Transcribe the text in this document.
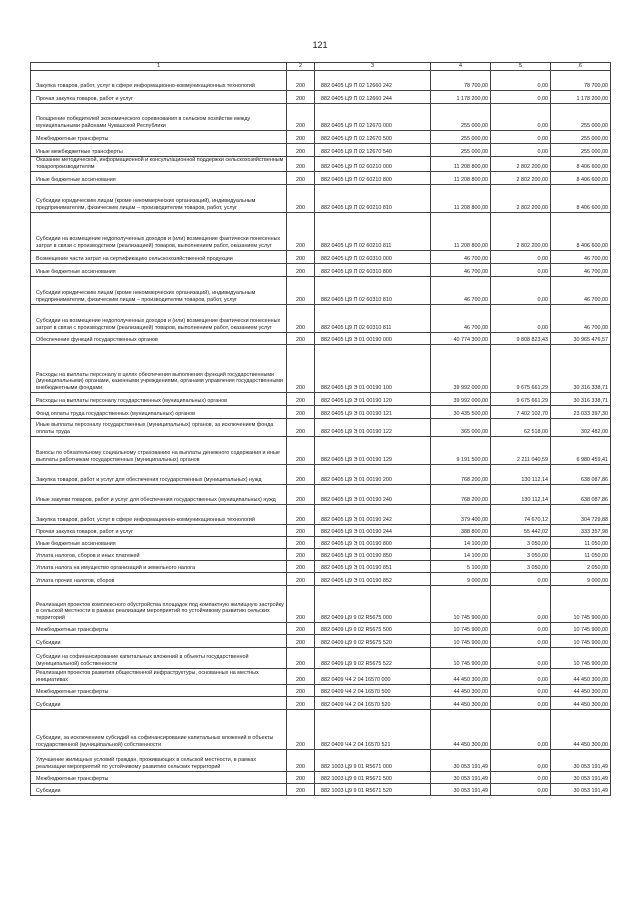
121
1	2	3	4	5	6
Закупка товаров, работ, услуг в сфере информационно-коммуникационных технологий	200	882 0405 Ц9 П 02 12660 242	78 700,00	0,00	78 700,00
Прочая закупка товаров, работ и услуг	200	882 0405 Ц9 П 02 12660 244	1 178 200,00	0,00	1 178 200,00
Поощрение победителей экономического соревнования в сельском хозяйстве между муниципальными районами Чувашской Республики	200	882 0405 Ц9 П 02 12670 000	255 000,00	0,00	255 000,00
Межбюджетные трансферты	200	882 0405 Ц9 П 02 12670 500	255 000,00	0,00	255 000,00
Иные межбюджетные трансферты	200	882 0405 Ц9 П 02 12670 540	255 000,00	0,00	255 000,00
Оказание методической, информационной и консультационной поддержки сельскохозяйственным товаропроизводителям	200	882 0405 Ц9 П 02 60210 000	11 208 800,00	2 802 200,00	8 406 600,00
Иные бюджетные ассигнования	200	882 0405 Ц9 П 02 60210 800	11 208 800,00	2 802 200,00	8 406 600,00
Субсидии юридическим лицам (кроме некоммерческих организаций), индивидуальным предпринимателям, физическим лицам – производителям товаров, работ, услуг	200	882 0405 Ц9 П 02 60210 810	11 208 800,00	2 802 200,00	8 406 600,00
Субсидии на возмещение недополученных доходов и (или) возмещение фактически понесенных затрат в связи с производством (реализацией) товаров, выполнением работ, оказанием услуг	200	882 0405 Ц9 П 02 60210 811	11 208 800,00	2 802 200,00	8 406 600,00
Возмещение части затрат на сертификацию сельскохозяйственной продукции	200	882 0405 Ц9 П 02 60310 000	46 700,00	0,00	46 700,00
Иные бюджетные ассигнования	200	882 0405 Ц9 П 02 60310 800	46 700,00	0,00	46 700,00
Субсидии юридическим лицам (кроме некоммерческих организаций), индивидуальным предпринимателям, физическим лицам – производителям товаров, работ, услуг	200	882 0405 Ц9 П 02 60310 810	46 700,00	0,00	46 700,00
Субсидии на возмещение недополученных доходов и (или) возмещение фактически понесенных затрат в связи с производством (реализацией) товаров, выполнением работ, оказанием услуг	200	882 0405 Ц9 П 02 60310 811	46 700,00	0,00	46 700,00
Обеспечение функций государственных органов	200	882 0405 Ц9 Э 01 00190 000	40 774 300,00	9 808 823,43	30 965 476,57
Расходы на выплаты персоналу в целях обеспечения выполнения функций государственными (муниципальными) органами, казенными учреждениями, органами управления государственными внебюджетными фондами	200	882 0405 Ц9 Э 01 00190 100	39 992 000,00	9 675 661,29	30 316 338,71
Расходы на выплаты персоналу государственных (муниципальных) органов	200	882 0405 Ц9 Э 01 00190 120	39 992 000,00	9 675 661,29	30 316 338,71
Фонд оплаты труда государственных (муниципальных) органов	200	882 0405 Ц9 Э 01 00190 121	30 435 500,00	7 402 102,70	23 033 397,30
Иные выплаты персоналу государственных (муниципальных) органов, за исключением фонда оплаты труда	200	882 0405 Ц9 Э 01 00190 122	365 000,00	62 518,00	302 482,00
Взносы по обязательному социальному страхованию на выплаты денежного содержания и иные выплаты работникам государственных (муниципальных) органов	200	882 0405 Ц9 Э 01 00190 129	9 191 500,00	2 211 040,59	6 980 459,41
Закупка товаров, работ и услуг для обеспечения государственных (муниципальных) нужд	200	882 0405 Ц9 Э 01 00190 200	768 200,00	130 112,14	638 087,86
Иные закупки товаров, работ и услуг для обеспечения государственных (муниципальных) нужд	200	882 0405 Ц9 Э 01 00190 240	768 200,00	130 112,14	638 087,86
Закупка товаров, работ, услуг в сфере информационно-коммуникационных технологий	200	882 0405 Ц9 Э 01 00190 242	379 400,00	74 670,12	304 729,88
Прочая закупка товаров, работ и услуг	200	882 0405 Ц9 Э 01 00190 244	388 800,00	55 442,02	333 357,98
Иные бюджетные ассигнования	200	882 0405 Ц9 Э 01 00190 800	14 100,00	3 050,00	11 050,00
Уплата налогов, сборов и иных платежей	200	882 0405 Ц9 Э 01 00190 850	14 100,00	3 050,00	11 050,00
Уплата налога на имущество организаций и земельного налога	200	882 0405 Ц9 Э 01 00190 851	5 100,00	3 050,00	2 050,00
Уплата прочих налогов, сборов	200	882 0405 Ц9 Э 01 00190 852	9 000,00	0,00	9 000,00
Реализация проектов комплексного обустройства площадок под компактную жилищную застройку в сельской местности в рамках реализации мероприятий по устойчивому развитию сельских территорий	200	882 0409 Ц9 9 02 R5675 000	10 745 900,00	0,00	10 745 900,00
Межбюджетные трансферты	200	882 0409 Ц9 9 02 R5675 500	10 745 900,00	0,00	10 745 900,00
Субсидии	200	882 0409 Ц9 9 02 R5675 520	10 745 900,00	0,00	10 745 900,00
Субсидии на софинансирование капитальных вложений в объекты государственной (муниципальной) собственности	200	882 0409 Ц9 9 02 R5675 522	10 745 900,00	0,00	10 745 900,00
Реализация проектов развития общественной инфраструктуры, основанных на местных инициативах	200	882 0409 Ч4 2 04 16570 000	44 450 300,00	0,00	44 450 300,00
Межбюджетные трансферты	200	882 0409 Ч4 2 04 16570 500	44 450 300,00	0,00	44 450 300,00
Субсидии	200	882 0409 Ч4 2 04 16570 520	44 450 300,00	0,00	44 450 300,00
Субсидии, за исключением субсидий на софинансирование капитальных вложений в объекты государственной (муниципальной) собственности	200	882 0409 Ч4 2 04 16570 521	44 450 300,00	0,00	44 450 300,00
Улучшение жилищных условий граждан, проживающих в сельской местности, в рамках реализации мероприятий по устойчивому развитию сельских территорий	200	882 1003 Ц9 9 01 R5671 000	30 053 191,49	0,00	30 053 191,49
Межбюджетные трансферты	200	882 1003 Ц9 9 01 R5671 500	30 053 191,49	0,00	30 053 191,49
Субсидии	200	882 1003 Ц9 9 01 R5671 520	30 053 191,49	0,00	30 053 191,49
